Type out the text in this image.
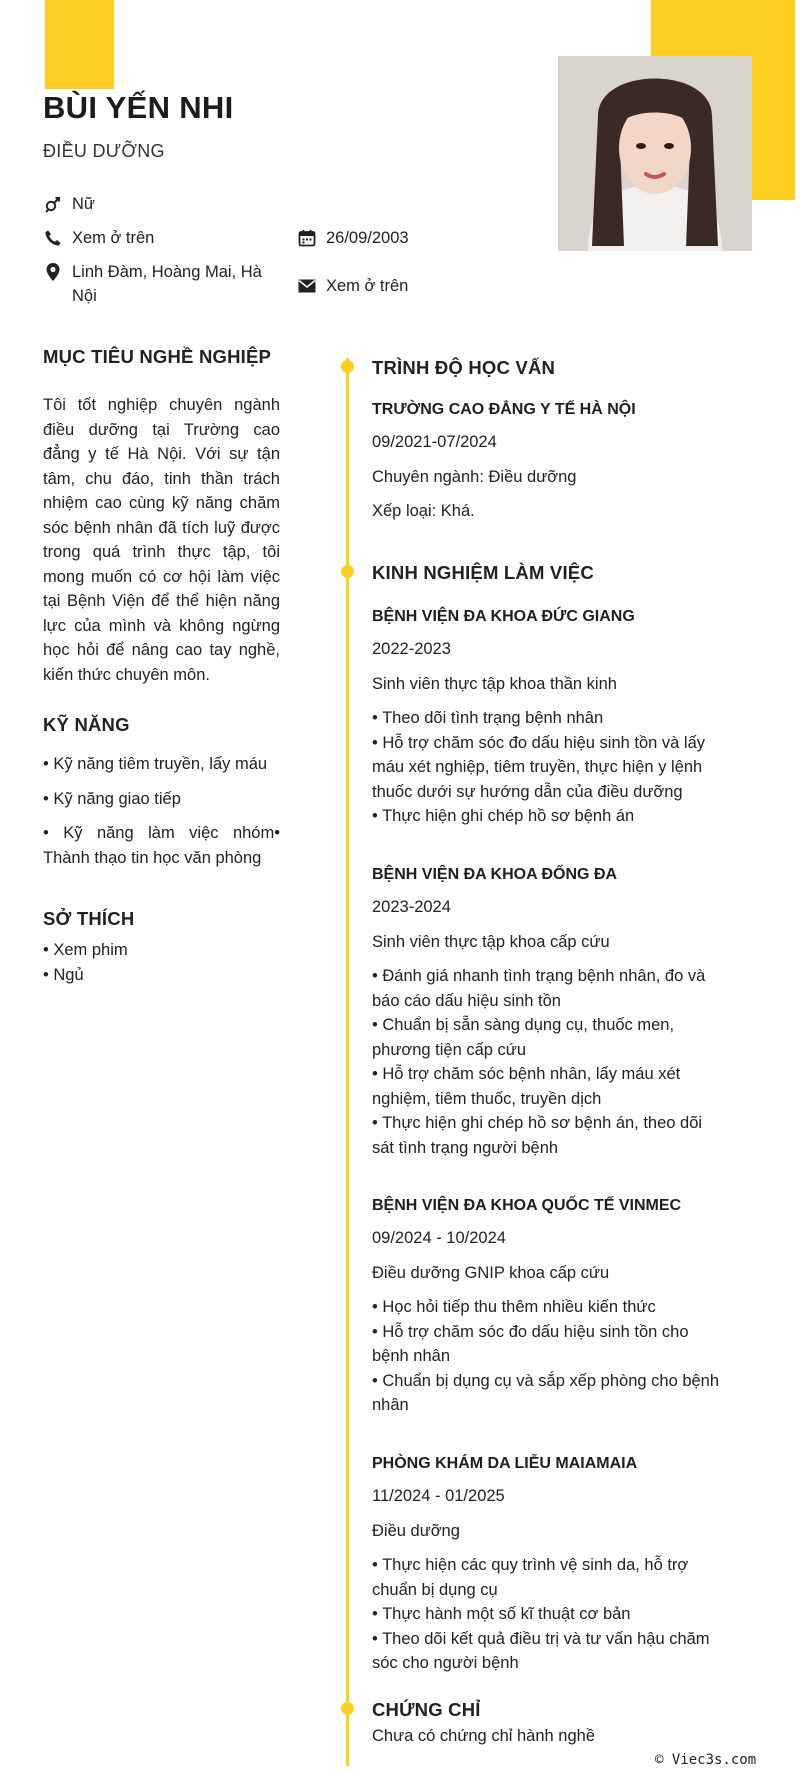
BÙI YẾN NHI
ĐIỀU DƯỠNG
Nữ
Xem ở trên	26/09/2003
Linh Đàm, Hoàng Mai, Hà Nội
Xem ở trên
MỤC TIÊU NGHỀ NGHIỆP
Tôi tốt nghiệp chuyên ngành điều dưỡng tại Trường cao đẳng y tế Hà Nội. Với sự tận tâm, chu đáo, tinh thần trách nhiệm cao cùng kỹ năng chăm sóc bệnh nhân đã tích luỹ được trong quá trình thực tập, tôi mong muốn có cơ hội làm việc tại Bệnh Viện để thể hiện năng lực của mình và không ngừng học hỏi để nâng cao tay nghề, kiến thức chuyên môn.
KỸ NĂNG
• Kỹ năng tiêm truyền, lấy máu
• Kỹ năng giao tiếp
• Kỹ năng làm việc nhóm• Thành thạo tin học văn phòng
SỞ THÍCH
• Xem phim
• Ngủ
TRÌNH ĐỘ HỌC VẤN
TRƯỜNG CAO ĐẲNG Y TẾ HÀ NỘI
09/2021-07/2024
Chuyên ngành: Điều dưỡng
Xếp loại: Khá.
KINH NGHIỆM LÀM VIỆC
BỆNH VIỆN ĐA KHOA ĐỨC GIANG
2022-2023
Sinh viên thực tập khoa thần kinh
• Theo dõi tình trạng bệnh nhân
• Hỗ trợ chăm sóc đo dấu hiệu sinh tồn và lấy máu xét nghiệp, tiêm truyền, thực hiện y lệnh thuốc dưới sự hướng dẫn của điều dưỡng
• Thực hiện ghi chép hồ sơ bệnh án
BỆNH VIỆN ĐA KHOA ĐỐNG ĐA
2023-2024
Sinh viên thực tập khoa cấp cứu
• Đánh giá nhanh tình trạng bệnh nhân, đo và báo cáo dấu hiệu sinh tồn
• Chuẩn bị sẵn sàng dụng cụ, thuốc men, phương tiện cấp cứu
• Hỗ trợ chăm sóc bệnh nhân, lấy máu xét nghiệm, tiêm thuốc, truyền dịch
• Thực hiện ghi chép hồ sơ bệnh án, theo dõi sát tình trạng người bệnh
BỆNH VIỆN ĐA KHOA QUỐC TẾ VINMEC
09/2024 - 10/2024
Điều dưỡng GNIP khoa cấp cứu
• Học hỏi tiếp thu thêm nhiều kiến thức
• Hỗ trợ chăm sóc đo dấu hiệu sinh tồn cho bệnh nhân
• Chuẩn bị dụng cụ và sắp xếp phòng cho bệnh nhân
PHÒNG KHÁM DA LIỄU MAIAMAIA
11/2024 - 01/2025
Điều dưỡng
• Thực hiện các quy trình vệ sinh da, hỗ trợ chuẩn bị dụng cụ
• Thực hành một số kĩ thuật cơ bản
• Theo dõi kết quả điều trị và tư vấn hậu chăm sóc cho người bệnh
CHỨNG CHỈ
Chưa có chứng chỉ hành nghề
© Viec3s.com
